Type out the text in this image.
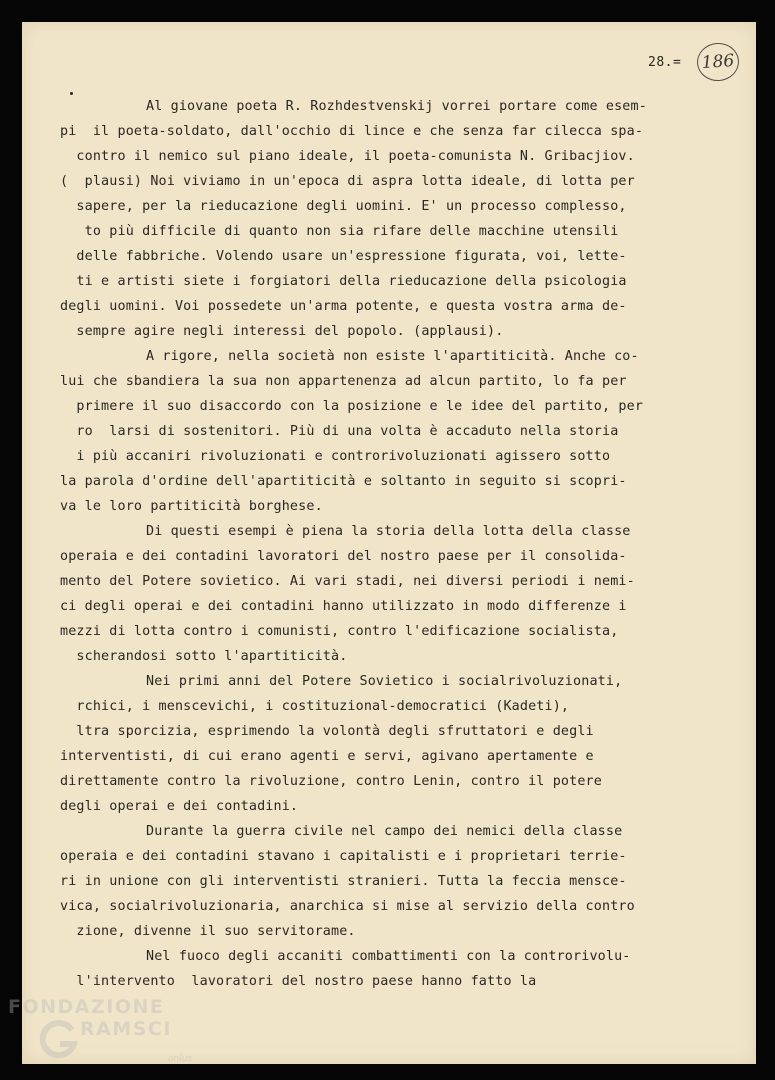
28.=	186
Al giovane poeta R. Rozhdestvenskij vorrei portare come esem-
pi  il poeta-soldato, dall'occhio di lince e che senza far cilecca spa-
contro il nemico sul piano ideale, il poeta-comunista N. Gribacjiov.
(  plausi) Noi viviamo in un'epoca di aspra lotta ideale, di lotta per
sapere, per la rieducazione degli uomini. E' un processo complesso,
to più difficile di quanto non sia rifare delle macchine utensili
delle fabbriche. Volendo usare un'espressione figurata, voi, lette-
ti e artisti siete i forgiatori della rieducazione della psicologia
degli uomini. Voi possedete un'arma potente, e questa vostra arma de-
sempre agire negli interessi del popolo. (applausi).
A rigore, nella società non esiste l'apartiticità. Anche co-
lui che sbandiera la sua non appartenenza ad alcun partito, lo fa per
primere il suo disaccordo con la posizione e le idee del partito, per
ro  larsi di sostenitori. Più di una volta è accaduto nella storia
i più accaniri rivoluzionati e controrivoluzionati agissero sotto
la parola d'ordine dell'apartiticità e soltanto in seguito si scopri-
va le loro partiticità borghese.
Di questi esempi è piena la storia della lotta della classe
operaia e dei contadini lavoratori del nostro paese per il consolida-
mento del Potere sovietico. Ai vari stadi, nei diversi periodi i nemi-
ci degli operai e dei contadini hanno utilizzato in modo differenze i
mezzi di lotta contro i comunisti, contro l'edificazione socialista,
scherandosi sotto l'apartiticità.
Nei primi anni del Potere Sovietico i socialrivoluzionati,
rchici, i menscevichi, i costituzional-democratici (Kadeti),
ltra sporcizia, esprimendo la volontà degli sfruttatori e degli
interventisti, di cui erano agenti e servi, agivano apertamente e
direttamente contro la rivoluzione, contro Lenin, contro il potere
degli operai e dei contadini.
Durante la guerra civile nel campo dei nemici della classe
operaia e dei contadini stavano i capitalisti e i proprietari terrie-
ri in unione con gli interventisti stranieri. Tutta la feccia mensce-
vica, socialrivoluzionaria, anarchica si mise al servizio della contro
zione, divenne il suo servitorame.
Nel fuoco degli accaniti combattimenti con la controrivolu-
l'intervento  lavoratori del nostro paese hanno fatto la
FONDAZIONE
RAMSCI
onlus
